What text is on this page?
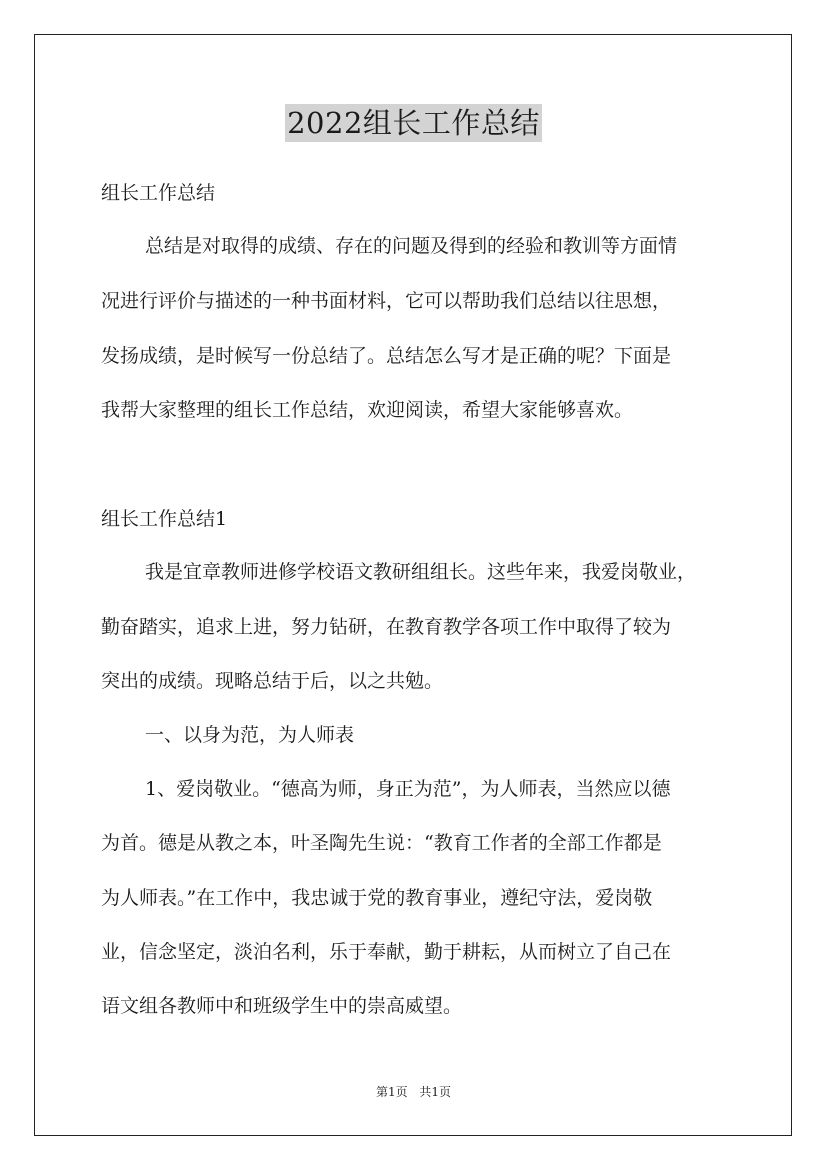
2022组长工作总结
组长工作总结
总结是对取得的成绩、存在的问题及得到的经验和教训等方面情
况进行评价与描述的一种书面材料，它可以帮助我们总结以往思想，
发扬成绩，是时候写一份总结了。总结怎么写才是正确的呢？下面是
我帮大家整理的组长工作总结，欢迎阅读，希望大家能够喜欢。
组长工作总结1
我是宜章教师进修学校语文教研组组长。这些年来，我爱岗敬业，
勤奋踏实，追求上进，努力钻研，在教育教学各项工作中取得了较为
突出的成绩。现略总结于后，以之共勉。
一、以身为范，为人师表
1、爱岗敬业。“德高为师，身正为范”，为人师表，当然应以德
为首。德是从教之本，叶圣陶先生说：“教育工作者的全部工作都是
为人师表。”在工作中，我忠诚于党的教育事业，遵纪守法，爱岗敬
业，信念坚定，淡泊名利，乐于奉献，勤于耕耘，从而树立了自己在
语文组各教师中和班级学生中的崇高威望。
第1页 共1页
